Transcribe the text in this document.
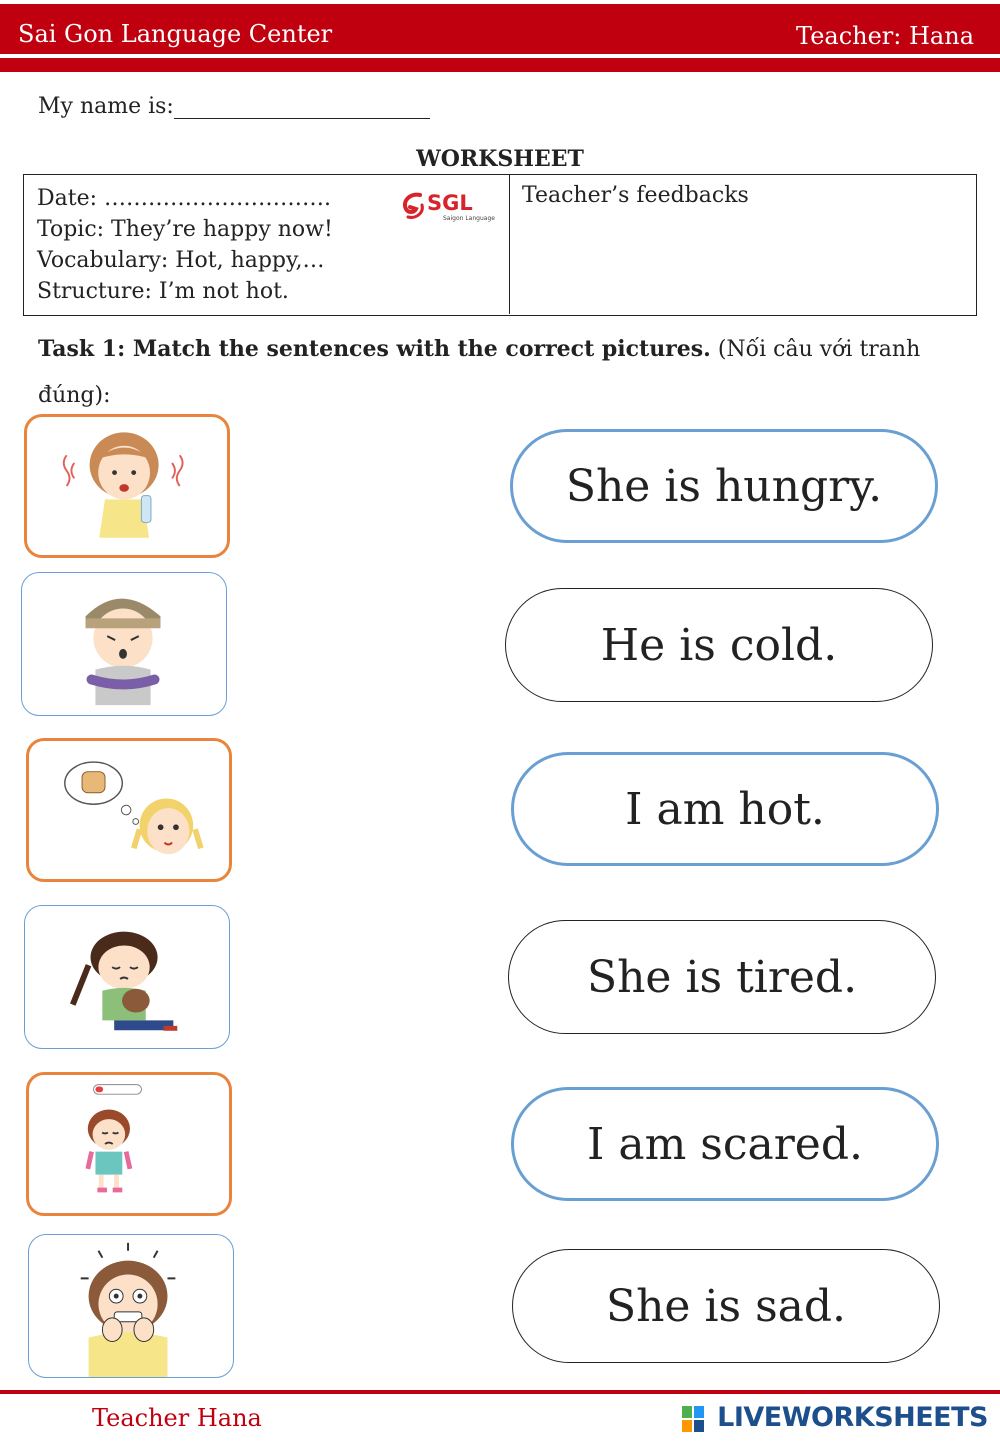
Sai Gon Language Center	Teacher: Hana
My name is:
WORKSHEET
Date: ………………………….
Topic: They’re happy now!
Vocabulary: Hot, happy,…
Structure: I’m not hot.
SGL
Saigon Language
Teacher’s feedbacks
Task 1: Match the sentences with the correct pictures. (Nối câu với tranh đúng):
She is hungry.
He is cold.
I am hot.
She is tired.
I am scared.
She is sad.
Teacher Hana	LIVEWORKSHEETS
